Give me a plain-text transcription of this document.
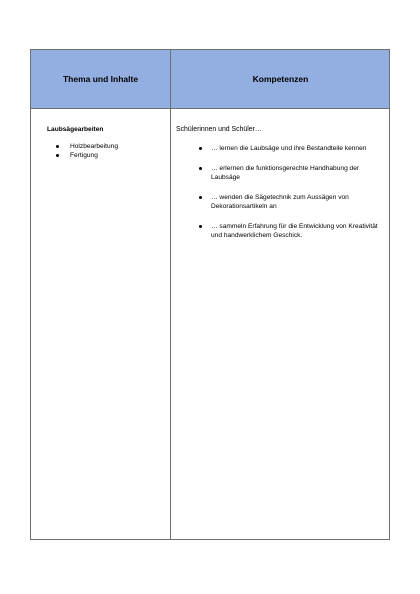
Thema und Inhalte	Kompetenzen

Laubsägearbeiten

Holzbearbeitung
Fertigung

Schülerinnen und Schüler…

… lernen die Laubsäge und ihre Bestandteile kennen
… erlernen die funktionsgerechte Handhabung der Laubsäge
… wenden die Sägetechnik zum Aussägen von Dekorationsartikeln an
… sammeln Erfahrung für die Entwicklung von Kreativität und handwerklichem Geschick.
